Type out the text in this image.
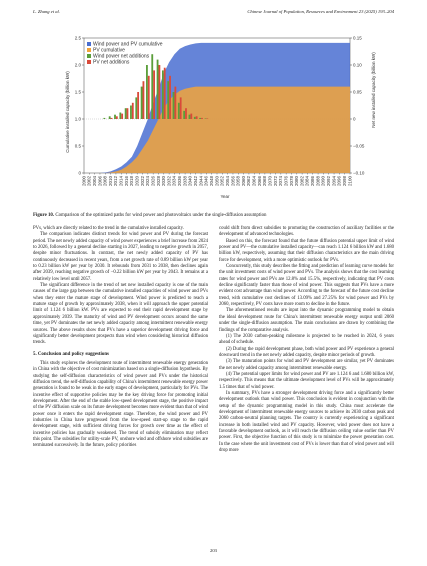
L. Zhang et al.	Chinese Journal of Population, Resources and Environment 23 (2025) 193–204
Cumulative installed capacity (billion kW)	Net new installed capacity (billion kW)
Year
0
0.5
1.0
1.5
2.0
2.5
−0.10
−0.05
0
0.05
0.10
0.15
2000 2002 2004 2006 2008 2010 2012 2014 2016 2018 2020 2022 2024 2026 2028 2030 2032 2034 2036 2038 2040 2042 2044 2046 2048 2050 2052 2054 2056 2058 2060 2062 2064 2066 2068 2070 2072 2074 2076 2078 2080 2082 2084 2086 2088 2090 2092 2094 2096 2098 2100
Wind power and PV cumulative
PV cumulative
Wind power net additions
PV net additions
Figure 10. Comparison of the optimized paths for wind power and photovoltaics under the single-diffusion assumption

PVs, which are directly related to the trend in the cumulative installed capacity.

The comparison indicates distinct trends for wind power and PV during the forecast period. The net newly added capacity of wind power experiences a brief increase from 2024 to 2026, followed by a general decline starting in 2027, leading to negative growth in 2057, despite minor fluctuations. In contrast, the net newly added capacity of PV has continuously decreased in recent years, from a net growth rate of 0.89 billion kW per year to 0.23 billion kW per year by 2030. It rebounds from 2031 to 2038, then declines again after 2039, reaching negative growth of −0.22 billion kW per year by 2043. It remains at a relatively low level until 2057.

The significant difference in the trend of net new installed capacity is one of the main causes of the large gap between the cumulative installed capacities of wind power and PVs when they enter the mature stage of development. Wind power is predicted to reach a mature stage of growth by approximately 2038, when it will approach the upper potential limit of 1.124 6 billion kW. PVs are expected to end their rapid development stage by approximately 2039. The maturity of wind and PV development occurs around the same time, yet PV dominates the net newly added capacity among intermittent renewable energy sources. The above results show that PVs have a superior development driving force and significantly better development prospects than wind when considering historical diffusion trends.

5. Conclusion and policy suggestions

This study explores the development route of intermittent renewable energy generation in China with the objective of cost minimization based on a single-diffusion hypothesis. By studying the self-diffusion characteristics of wind power and PVs under the historical diffusion trend, the self-diffusion capability of China's intermittent renewable energy power generation is found to be weak in the early stages of development, particularly for PVs. The incentive effect of supportive policies may be the key driving force for promoting initial development. After the end of the stable low-speed development stage, the positive impact of the PV diffusion scale on its future development becomes more evident than that of wind power once it enters the rapid development stage. Therefore, the wind power and PV industries in China have progressed from the low-speed start-up stage to the rapid development stage, with sufficient driving forces for growth over time as the effect of incentive policies has gradually weakened. The trend of subsidy elimination may reflect this point. The subsidies for utility-scale PV, onshore wind and offshore wind subsidies are terminated successively. In the future, policy priorities

could shift from direct subsidies to promoting the construction of auxiliary facilities or the development of advanced technologies.

Based on this, the forecast found that the future diffusion potential upper limit of wind power and PV—the cumulative installed capacity—can reach 1.124 6 billion kW and 1.680 billion kW, respectively, assuming that their diffusion characteristics are the main driving force for development, with a more optimistic outlook for PVs.

Concurrently, this study describes the fitting and prediction of learning curve models for the unit investment costs of wind power and PVs. The analysis shows that the cost learning rates for wind power and PVs are 12.8% and 15.5%, respectively, indicating that PV costs decline significantly faster than those of wind power. This suggests that PVs have a more evident cost advantage than wind power. According to the forecast of the future cost decline trend, with cumulative cost declines of 13.09% and 27.25% for wind power and PVs by 2060, respectively, PV costs have more room to decline in the future.

The aforementioned results are input into the dynamic programming model to obtain the ideal development route for China's intermittent renewable energy output until 2060 under the single-diffusion assumption. The main conclusions are drawn by combining the findings of the comparative analysis.

(1) The 2030 carbon-peaking milestone is projected to be reached in 2024, 6 years ahead of schedule.

(2) During the rapid development phase, both wind power and PV experience a general downward trend in the net newly added capacity, despite minor periods of growth.

(3) The maturation points for wind and PV development are similar, yet PV dominates the net newly added capacity among intermittent renewable energy.

(4) The potential upper limits for wind power and PV are 1.124 6 and 1.680 billion kW, respectively. This means that the ultimate development level of PVs will be approximately 1.5 times that of wind power.

In summary, PVs have a stronger development driving force and a significantly better development outlook than wind power. This conclusion is evident in conjunction with the setup of the dynamic programming model in this study. China must accelerate the development of intermittent renewable energy sources to achieve its 2030 carbon peak and 2060 carbon-neutral planning targets. The country is currently experiencing a significant increase in both installed wind and PV capacity. However, wind power does not have a favorable development outlook, as it will reach the diffusion ceiling value earlier than PV power. First, the objective function of this study is to minimize the power generation cost. In the case where the unit investment cost of PVs is lower than that of wind power and will drop more

203
